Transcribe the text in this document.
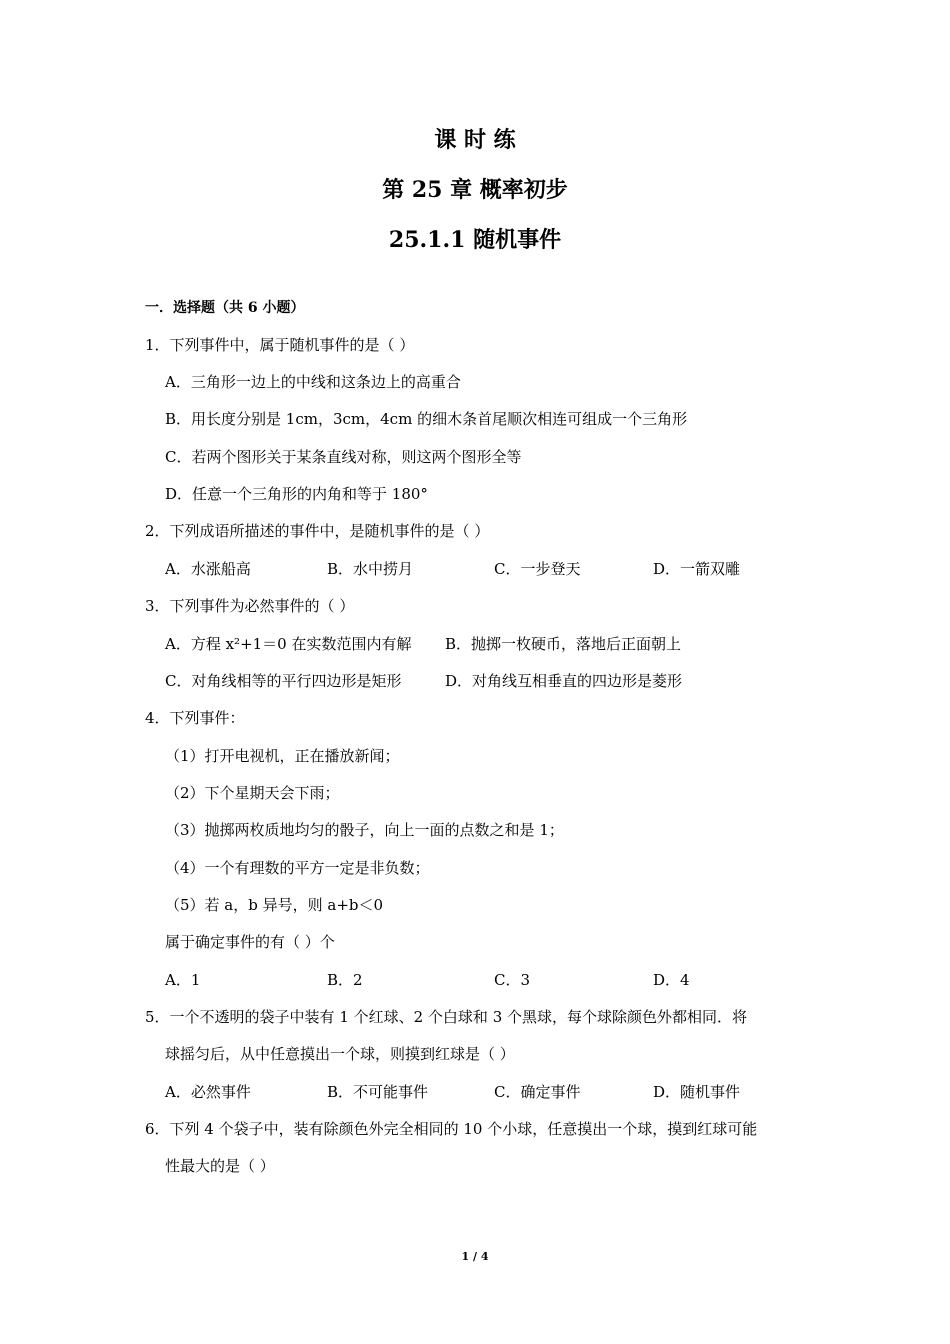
课 时 练
第 25 章 概率初步
25.1.1 随机事件
一．选择题（共 6 小题）
1．下列事件中，属于随机事件的是（ ）
A．三角形一边上的中线和这条边上的高重合
B．用长度分别是 1cm，3cm，4cm 的细木条首尾顺次相连可组成一个三角形
C．若两个图形关于某条直线对称，则这两个图形全等
D．任意一个三角形的内角和等于 180°
2．下列成语所描述的事件中，是随机事件的是（ ）
A．水涨船高	B．水中捞月	C．一步登天	D．一箭双雕
3．下列事件为必然事件的（ ）
A．方程 x²+1＝0 在实数范围内有解 B．抛掷一枚硬币，落地后正面朝上
C．对角线相等的平行四边形是矩形	D．对角线互相垂直的四边形是菱形
4．下列事件：
（1）打开电视机，正在播放新闻；
（2）下个星期天会下雨；
（3）抛掷两枚质地均匀的骰子，向上一面的点数之和是 1；
（4）一个有理数的平方一定是非负数；
（5）若 a，b 异号，则 a+b＜0
属于确定事件的有（ ）个
A．1	B．2	C．3	D．4
5．一个不透明的袋子中装有 1 个红球、2 个白球和 3 个黑球，每个球除颜色外都相同．将
球摇匀后，从中任意摸出一个球，则摸到红球是（ ）
A．必然事件	B．不可能事件	C．确定事件	D．随机事件
6．下列 4 个袋子中，装有除颜色外完全相同的 10 个小球，任意摸出一个球，摸到红球可能
性最大的是（ ）
1 / 4
